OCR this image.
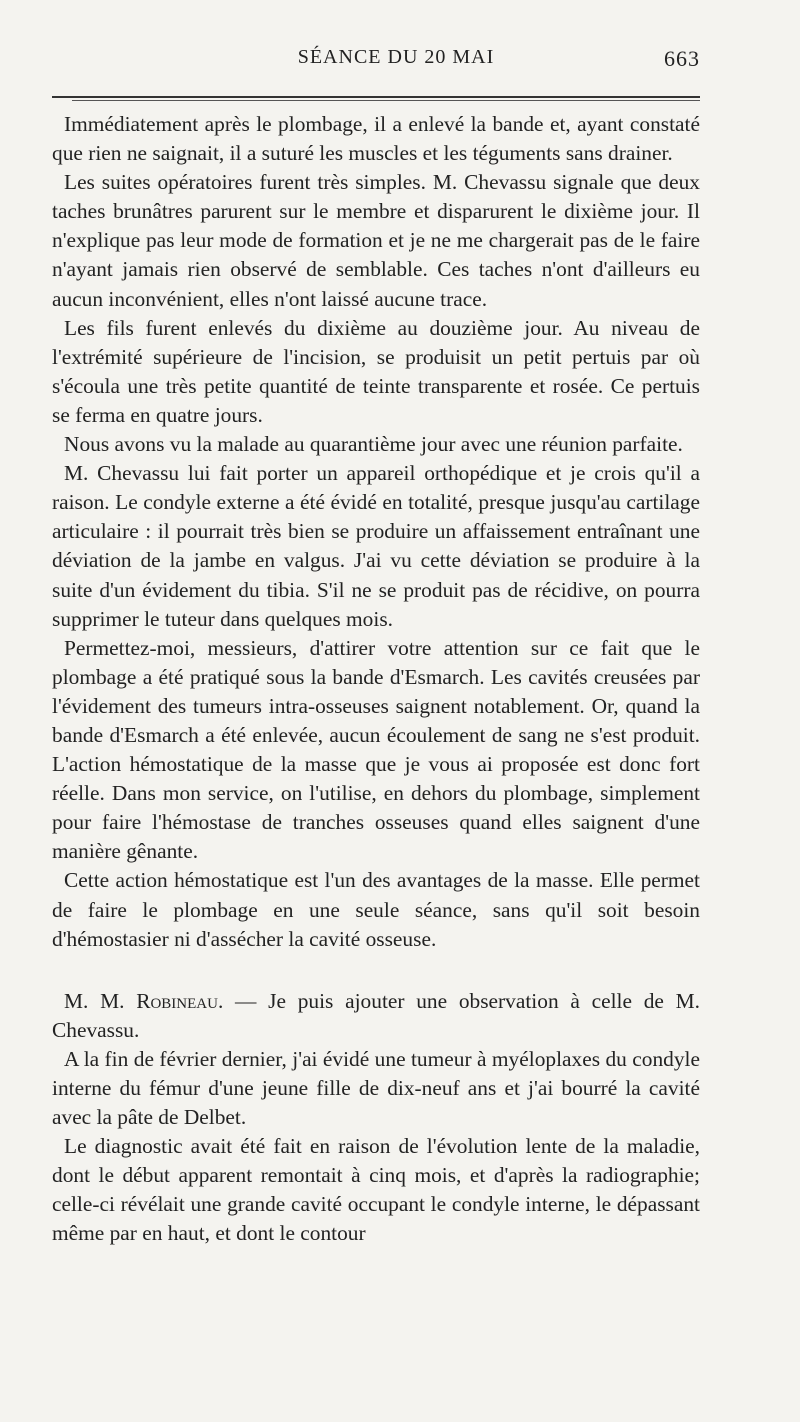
SÉANCE DU 20 MAI	663

Immédiatement après le plombage, il a enlevé la bande et, ayant constaté que rien ne saignait, il a suturé les muscles et les téguments sans drainer.

Les suites opératoires furent très simples. M. Chevassu signale que deux taches brunâtres parurent sur le membre et disparurent le dixième jour. Il n'explique pas leur mode de formation et je ne me chargerait pas de le faire n'ayant jamais rien observé de semblable. Ces taches n'ont d'ailleurs eu aucun inconvénient, elles n'ont laissé aucune trace.

Les fils furent enlevés du dixième au douzième jour. Au niveau de l'extrémité supérieure de l'incision, se produisit un petit pertuis par où s'écoula une très petite quantité de teinte transparente et rosée. Ce pertuis se ferma en quatre jours.

Nous avons vu la malade au quarantième jour avec une réunion parfaite.

M. Chevassu lui fait porter un appareil orthopédique et je crois qu'il a raison. Le condyle externe a été évidé en totalité, presque jusqu'au cartilage articulaire : il pourrait très bien se produire un affaissement entraînant une déviation de la jambe en valgus. J'ai vu cette déviation se produire à la suite d'un évidement du tibia. S'il ne se produit pas de récidive, on pourra supprimer le tuteur dans quelques mois.

Permettez-moi, messieurs, d'attirer votre attention sur ce fait que le plombage a été pratiqué sous la bande d'Esmarch. Les cavités creusées par l'évidement des tumeurs intra-osseuses saignent notablement. Or, quand la bande d'Esmarch a été enlevée, aucun écoulement de sang ne s'est produit. L'action hémostatique de la masse que je vous ai proposée est donc fort réelle. Dans mon service, on l'utilise, en dehors du plombage, simplement pour faire l'hémostase de tranches osseuses quand elles saignent d'une manière gênante.

Cette action hémostatique est l'un des avantages de la masse. Elle permet de faire le plombage en une seule séance, sans qu'il soit besoin d'hémostasier ni d'assécher la cavité osseuse.

M. M. Robineau. — Je puis ajouter une observation à celle de M. Chevassu.

A la fin de février dernier, j'ai évidé une tumeur à myéloplaxes du condyle interne du fémur d'une jeune fille de dix-neuf ans et j'ai bourré la cavité avec la pâte de Delbet.

Le diagnostic avait été fait en raison de l'évolution lente de la maladie, dont le début apparent remontait à cinq mois, et d'après la radiographie; celle-ci révélait une grande cavité occupant le condyle interne, le dépassant même par en haut, et dont le contour
